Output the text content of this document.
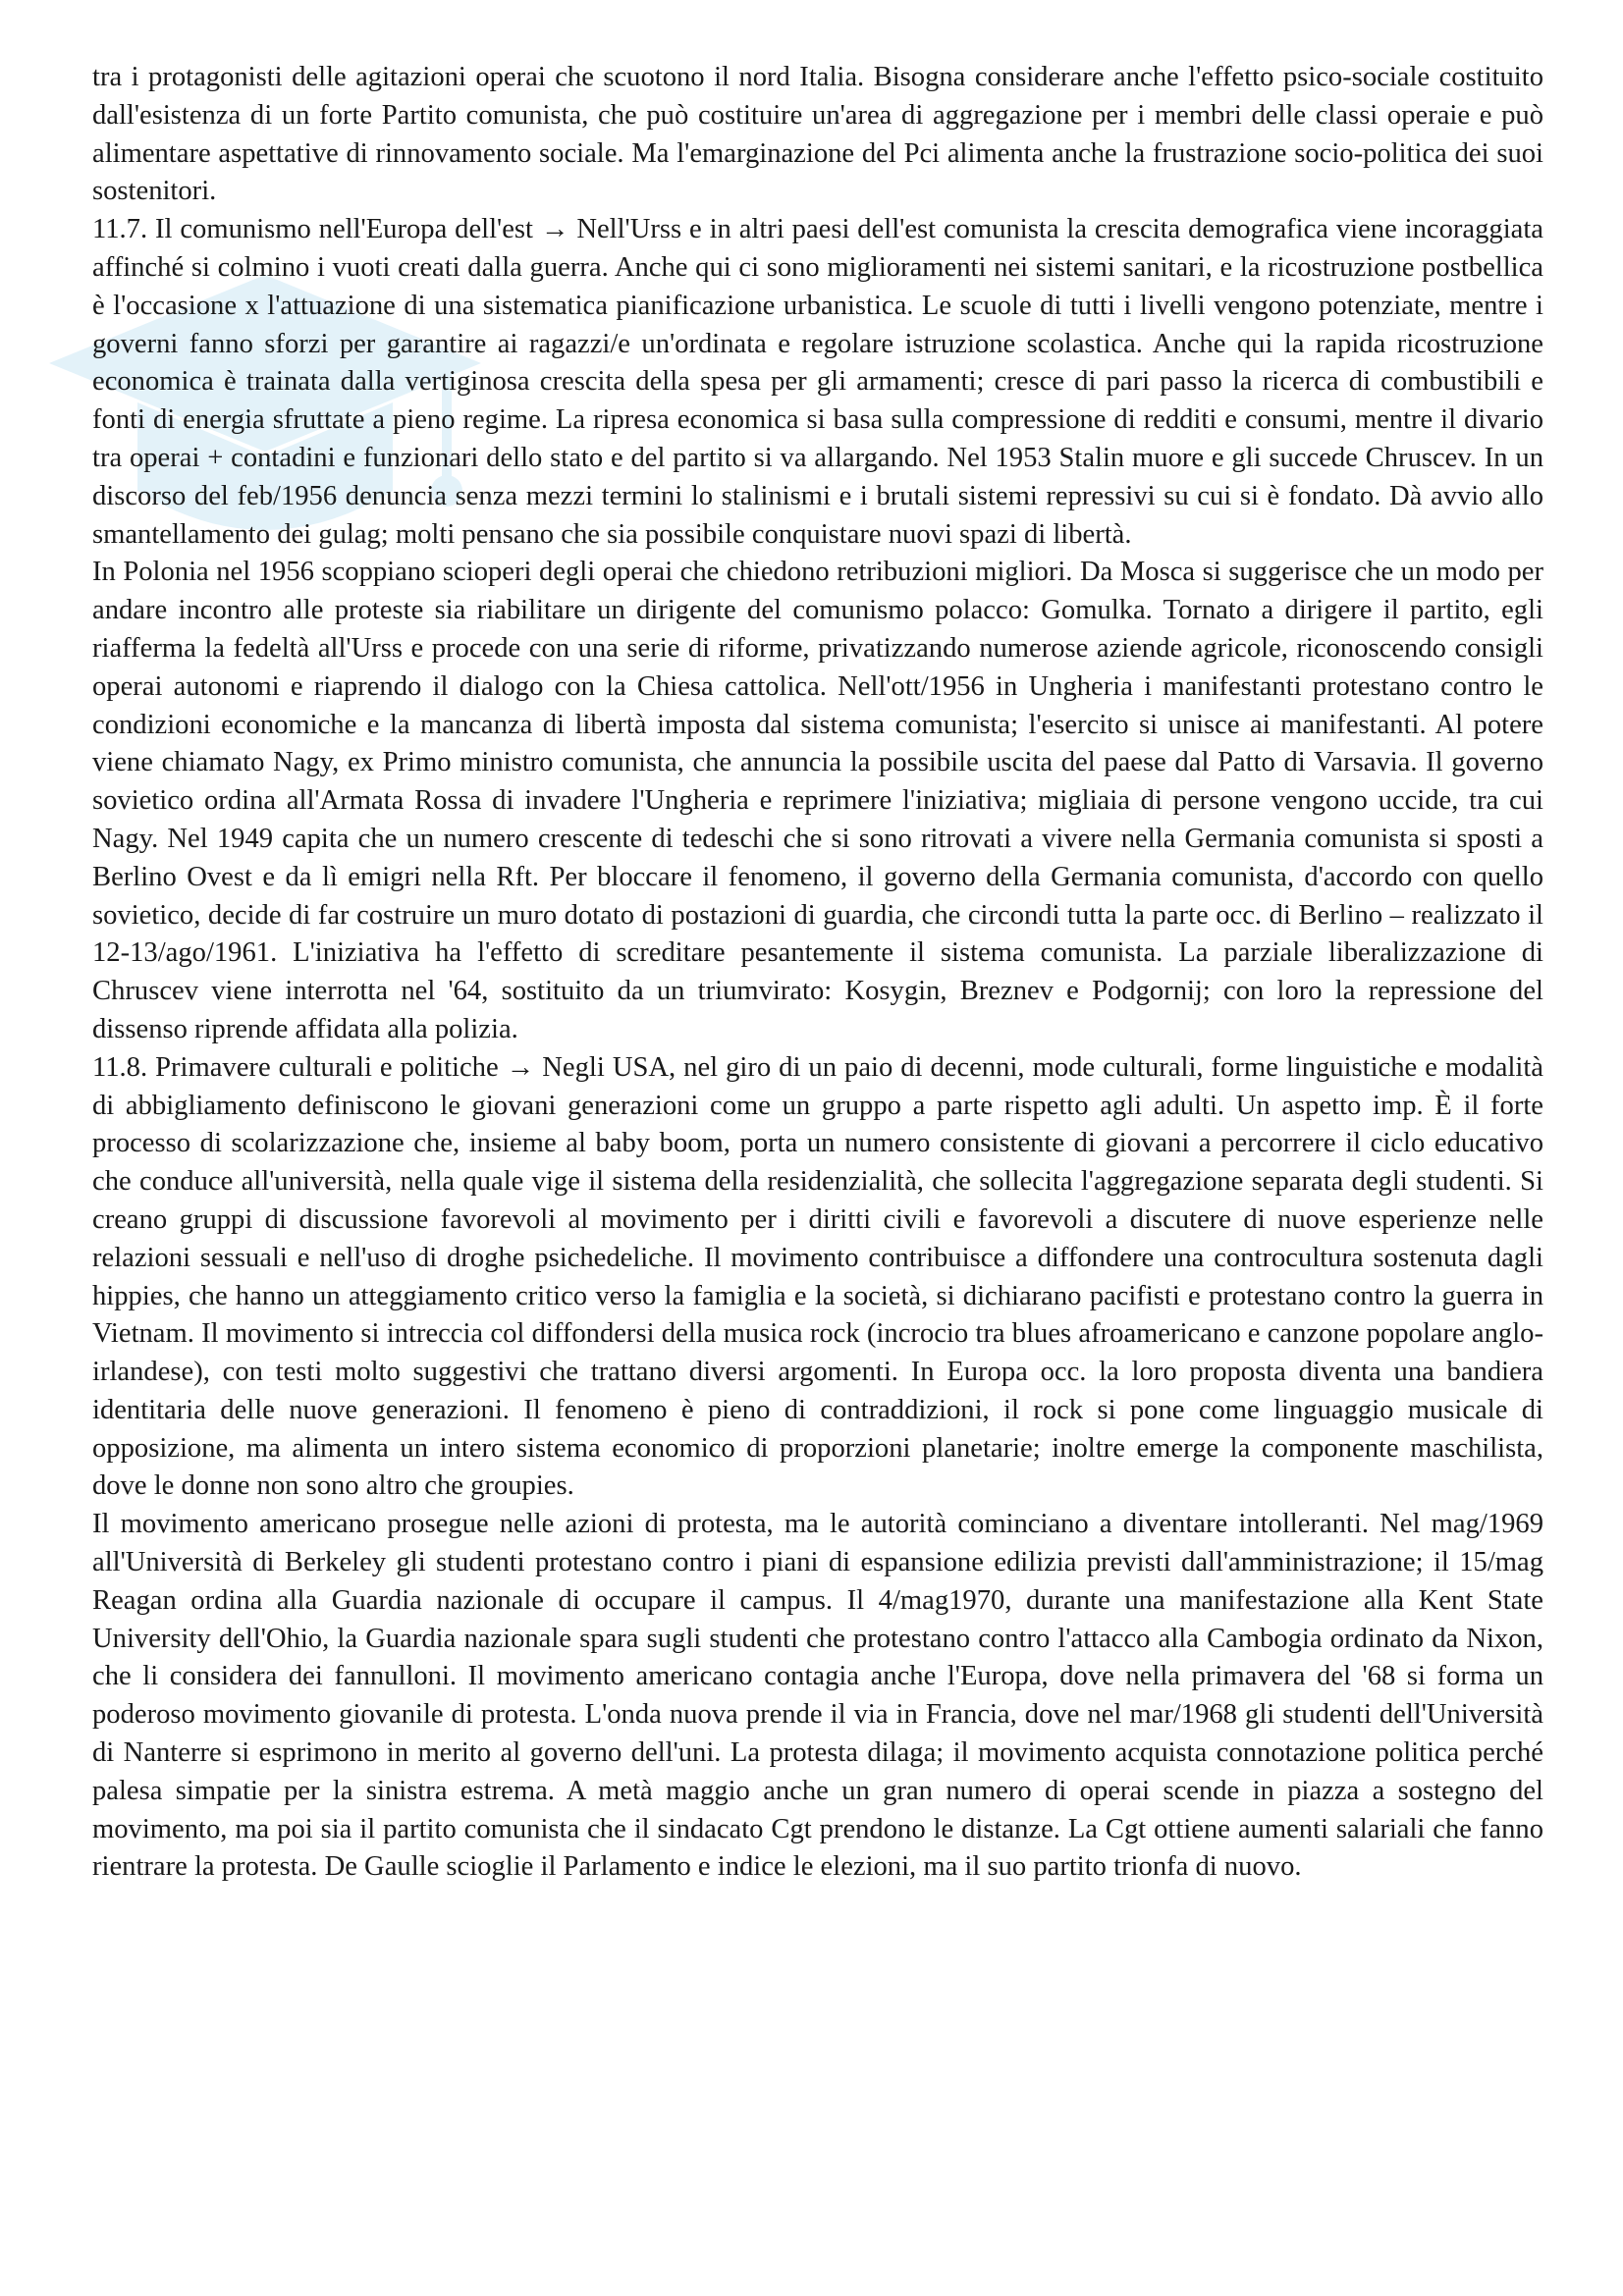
tra i protagonisti delle agitazioni operai che scuotono il nord Italia. Bisogna considerare anche l'effetto psico-sociale costituito dall'esistenza di un forte Partito comunista, che può costituire un'area di aggregazione per i membri delle classi operaie e può alimentare aspettative di rinnovamento sociale. Ma l'emarginazione del Pci alimenta anche la frustrazione socio-politica dei suoi sostenitori.

11.7. Il comunismo nell'Europa dell'est → Nell'Urss e in altri paesi dell'est comunista la crescita demografica viene incoraggiata affinché si colmino i vuoti creati dalla guerra. Anche qui ci sono miglioramenti nei sistemi sanitari, e la ricostruzione postbellica è l'occasione x l'attuazione di una sistematica pianificazione urbanistica. Le scuole di tutti i livelli vengono potenziate, mentre i governi fanno sforzi per garantire ai ragazzi/e un'ordinata e regolare istruzione scolastica. Anche qui la rapida ricostruzione economica è trainata dalla vertiginosa crescita della spesa per gli armamenti; cresce di pari passo la ricerca di combustibili e fonti di energia sfruttate a pieno regime. La ripresa economica si basa sulla compressione di redditi e consumi, mentre il divario tra operai + contadini e funzionari dello stato e del partito si va allargando. Nel 1953 Stalin muore e gli succede Chruscev. In un discorso del feb/1956 denuncia senza mezzi termini lo stalinismi e i brutali sistemi repressivi su cui si è fondato. Dà avvio allo smantellamento dei gulag; molti pensano che sia possibile conquistare nuovi spazi di libertà.

In Polonia nel 1956 scoppiano scioperi degli operai che chiedono retribuzioni migliori. Da Mosca si suggerisce che un modo per andare incontro alle proteste sia riabilitare un dirigente del comunismo polacco: Gomulka. Tornato a dirigere il partito, egli riafferma la fedeltà all'Urss e procede con una serie di riforme, privatizzando numerose aziende agricole, riconoscendo consigli operai autonomi e riaprendo il dialogo con la Chiesa cattolica. Nell'ott/1956 in Ungheria i manifestanti protestano contro le condizioni economiche e la mancanza di libertà imposta dal sistema comunista; l'esercito si unisce ai manifestanti. Al potere viene chiamato Nagy, ex Primo ministro comunista, che annuncia la possibile uscita del paese dal Patto di Varsavia. Il governo sovietico ordina all'Armata Rossa di invadere l'Ungheria e reprimere l'iniziativa; migliaia di persone vengono uccide, tra cui Nagy. Nel 1949 capita che un numero crescente di tedeschi che si sono ritrovati a vivere nella Germania comunista si sposti a Berlino Ovest e da lì emigri nella Rft. Per bloccare il fenomeno, il governo della Germania comunista, d'accordo con quello sovietico, decide di far costruire un muro dotato di postazioni di guardia, che circondi tutta la parte occ. di Berlino – realizzato il 12-13/ago/1961. L'iniziativa ha l'effetto di screditare pesantemente il sistema comunista. La parziale liberalizzazione di Chruscev viene interrotta nel '64, sostituito da un triumvirato: Kosygin, Breznev e Podgornij; con loro la repressione del dissenso riprende affidata alla polizia.

11.8. Primavere culturali e politiche → Negli USA, nel giro di un paio di decenni, mode culturali, forme linguistiche e modalità di abbigliamento definiscono le giovani generazioni come un gruppo a parte rispetto agli adulti. Un aspetto imp. È il forte processo di scolarizzazione che, insieme al baby boom, porta un numero consistente di giovani a percorrere il ciclo educativo che conduce all'università, nella quale vige il sistema della residenzialità, che sollecita l'aggregazione separata degli studenti. Si creano gruppi di discussione favorevoli al movimento per i diritti civili e favorevoli a discutere di nuove esperienze nelle relazioni sessuali e nell'uso di droghe psichedeliche. Il movimento contribuisce a diffondere una controcultura sostenuta dagli hippies, che hanno un atteggiamento critico verso la famiglia e la società, si dichiarano pacifisti e protestano contro la guerra in Vietnam. Il movimento si intreccia col diffondersi della musica rock (incrocio tra blues afroamericano e canzone popolare anglo-irlandese), con testi molto suggestivi che trattano diversi argomenti. In Europa occ. la loro proposta diventa una bandiera identitaria delle nuove generazioni. Il fenomeno è pieno di contraddizioni, il rock si pone come linguaggio musicale di opposizione, ma alimenta un intero sistema economico di proporzioni planetarie; inoltre emerge la componente maschilista, dove le donne non sono altro che groupies.

Il movimento americano prosegue nelle azioni di protesta, ma le autorità cominciano a diventare intolleranti. Nel mag/1969 all'Università di Berkeley gli studenti protestano contro i piani di espansione edilizia previsti dall'amministrazione; il 15/mag Reagan ordina alla Guardia nazionale di occupare il campus. Il 4/mag1970, durante una manifestazione alla Kent State University dell'Ohio, la Guardia nazionale spara sugli studenti che protestano contro l'attacco alla Cambogia ordinato da Nixon, che li considera dei fannulloni. Il movimento americano contagia anche l'Europa, dove nella primavera del '68 si forma un poderoso movimento giovanile di protesta. L'onda nuova prende il via in Francia, dove nel mar/1968 gli studenti dell'Università di Nanterre si esprimono in merito al governo dell'uni. La protesta dilaga; il movimento acquista connotazione politica perché palesa simpatie per la sinistra estrema. A metà maggio anche un gran numero di operai scende in piazza a sostegno del movimento, ma poi sia il partito comunista che il sindacato Cgt prendono le distanze. La Cgt ottiene aumenti salariali che fanno rientrare la protesta. De Gaulle scioglie il Parlamento e indice le elezioni, ma il suo partito trionfa di nuovo.
